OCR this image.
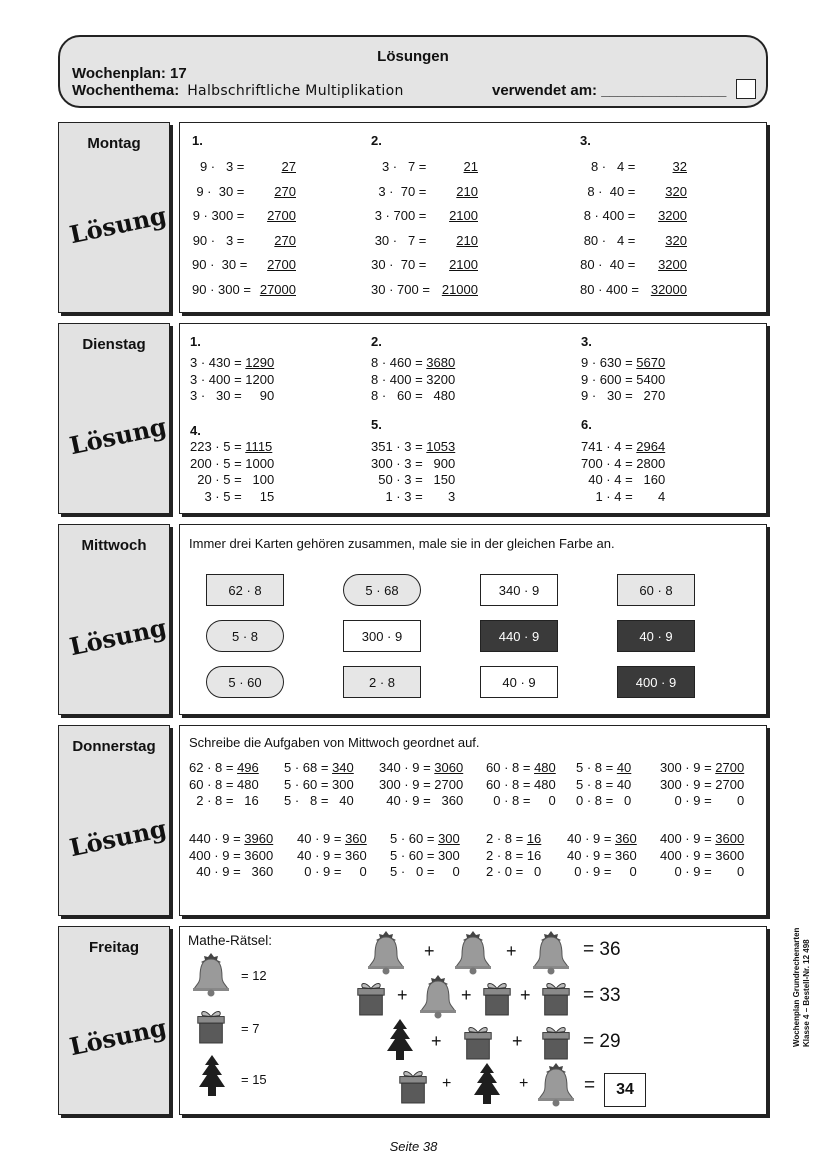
Lösungen
Wochenplan: 17
Wochenthema: Halbschriftliche Multiplikation	verwendet am: _______________
Montag
Lösung
1.	2.	3.
9 ·   3 =	27
9 ·  30 =	270
9 · 300 =	2700
90 ·   3 =	270
90 ·  30 =	2700
90 · 300 = 27000
3 ·   7 =	21
3 ·  70 =	210
3 · 700 =	2100
30 ·   7 =	210
30 ·  70 =	2100
30 · 700 = 21000
8 ·   4 =	32
8 ·  40 =	320
8 · 400 =	3200
80 ·   4 =	320
80 ·  40 =	3200
80 · 400 = 32000
Dienstag
Lösung
1.	2.	3.
4.	5.	6.
3 · 430 = 1290
3 · 400 = 1200
3 ·   30 =     90
8 · 460 = 3680
8 · 400 = 3200
8 ·   60 =   480
9 · 630 = 5670
9 · 600 = 5400
9 ·   30 =   270
223 · 5 = 1115
200 · 5 = 1000
20 · 5 =   100
3 · 5 =     15
351 · 3 = 1053
300 · 3 =   900
50 · 3 =   150
1 · 3 =       3
741 · 4 = 2964
700 · 4 = 2800
40 · 4 =   160
1 · 4 =       4
Mittwoch
Lösung
Immer drei Karten gehören zusammen, male sie in der gleichen Farbe an.
62 · 8	5 · 68	340 · 9	60 · 8
5 · 8	300 · 9	440 · 9	40 · 9
5 · 60	2 · 8	40 · 9	400 · 9
Donnerstag
Lösung
Schreibe die Aufgaben von Mittwoch geordnet auf.
62 · 8 = 496
60 · 8 = 480
2 · 8 =   16
5 · 68 = 340
5 · 60 = 300
5 ·   8 =   40
340 · 9 = 3060
300 · 9 = 2700
40 · 9 =   360
60 · 8 = 480
60 · 8 = 480
0 · 8 =     0
5 · 8 = 40
5 · 8 = 40
0 · 8 =   0
300 · 9 = 2700
300 · 9 = 2700
0 · 9 =       0
440 · 9 = 3960
400 · 9 = 3600
40 · 9 =   360
40 · 9 = 360
40 · 9 = 360
0 · 9 =     0
5 · 60 = 300
5 · 60 = 300
5 ·   0 =     0
2 · 8 = 16
2 · 8 = 16
2 · 0 =   0
40 · 9 = 360
40 · 9 = 360
0 · 9 =     0
400 · 9 = 3600
400 · 9 = 3600
0 · 9 =       0
Freitag
Lösung
Mathe-Rätsel:
= 12
= 7
= 15
+	+	= 36
+	+	+	= 33
+	+	= 29
+	+	=	34
Wochenplan Grundrechenarten Klasse 4 – Bestell-Nr. 12 498
Seite 38
